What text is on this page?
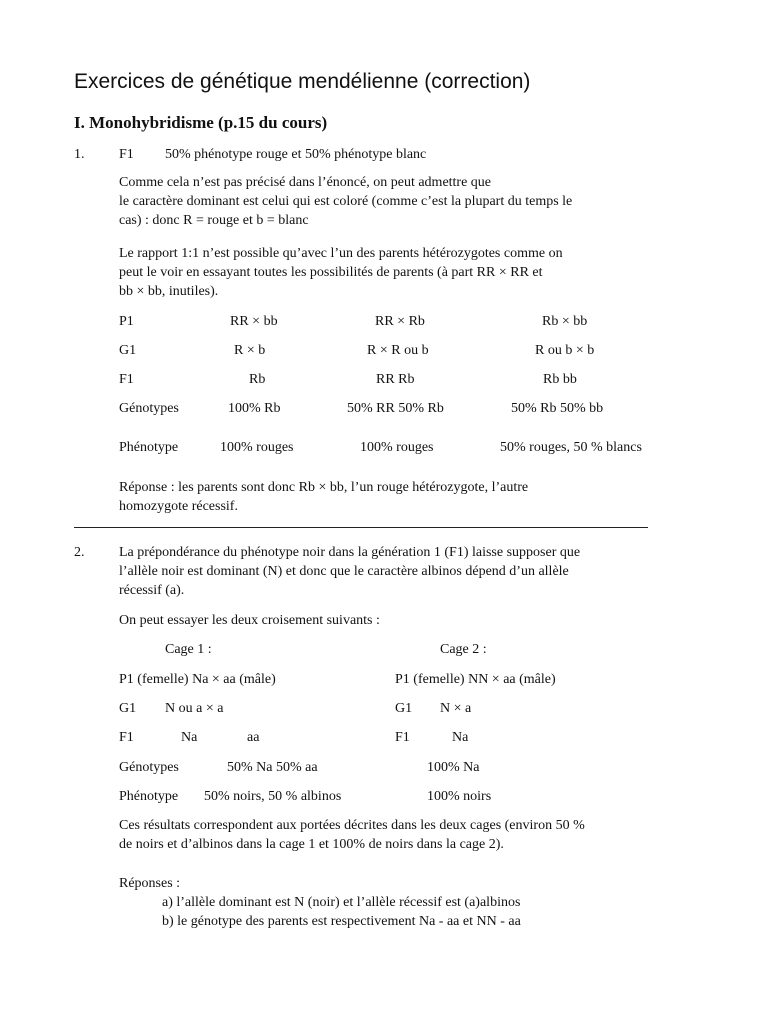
Exercices de génétique mendélienne (correction)
I. Monohybridisme (p.15 du cours)
1. F1 50% phénotype rouge et 50% phénotype blanc
Comme cela n’est pas précisé dans l’énoncé, on peut admettre que
le caractère dominant est celui qui est coloré (comme c’est la plupart du temps le
cas) : donc R = rouge et b = blanc
Le rapport 1:1 n’est possible qu’avec l’un des parents hétérozygotes comme on
peut le voir en essayant toutes les possibilités de parents (à part RR × RR et
bb × bb, inutiles).
P1	RR × bb	RR × Rb	Rb × bb
G1	R × b	R × R ou b	R ou b × b
F1	Rb	RR Rb	Rb bb
Génotypes	100% Rb	50% RR 50% Rb	50% Rb 50% bb
Phénotype	100% rouges	100% rouges	50% rouges, 50 % blancs
Réponse : les parents sont donc Rb × bb, l’un rouge hétérozygote, l’autre
homozygote récessif.
2. La prépondérance du phénotype noir dans la génération 1 (F1) laisse supposer que
l’allèle noir est dominant (N) et donc que le caractère albinos dépend d’un allèle
récessif (a).
On peut essayer les deux croisement suivants :
Cage 1 :	Cage 2 :
P1 (femelle) Na × aa (mâle)	P1 (femelle) NN × aa (mâle)
G1 N ou a × a	G1 N × a
F1	Na	aa	F1	Na
Génotypes	50% Na 50% aa	100% Na
Phénotype 50% noirs, 50 % albinos	100% noirs
Ces résultats correspondent aux portées décrites dans les deux cages (environ 50 %
de noirs et d’albinos dans la cage 1 et 100% de noirs dans la cage 2).
Réponses :
a) l’allèle dominant est N (noir) et l’allèle récessif est (a)albinos
b) le génotype des parents est respectivement Na - aa et NN - aa
